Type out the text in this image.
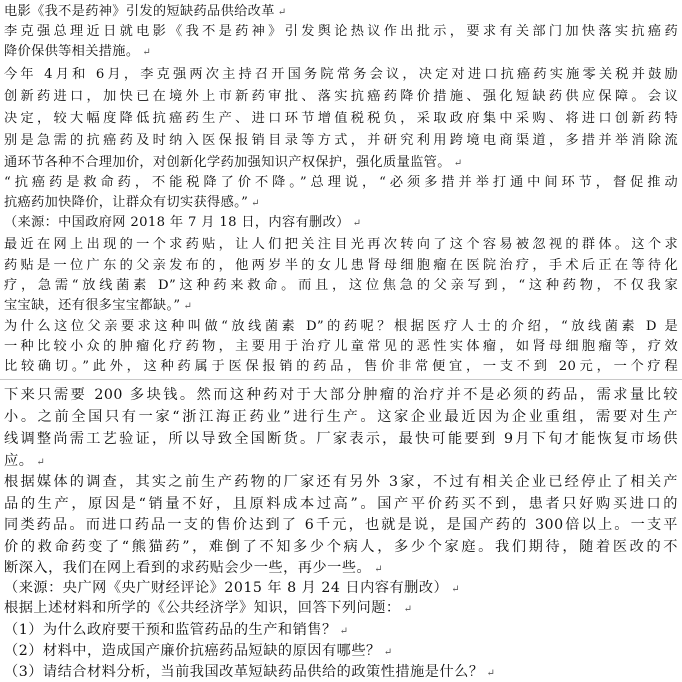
电影《我不是药神》引发的短缺药品供给改革 ↵
李克强总理近日就电影《我不是药神》引发舆论热议作出批示，要求有关部门加快落实抗癌药
降价保供等相关措施。 ↵
今年 4月和 6月，李克强两次主持召开国务院常务会议，决定对进口抗癌药实施零关税并鼓励
创新药进口，加快已在境外上市新药审批、落实抗癌药降价措施、强化短缺药供应保障。会议
决定，较大幅度降低抗癌药生产、进口环节增值税税负，采取政府集中采购、将进口创新药特
别是急需的抗癌药及时纳入医保报销目录等方式，并研究利用跨境电商渠道，多措并举消除流
通环节各种不合理加价，对创新化学药加强知识产权保护，强化质量监管。 ↵
“抗癌药是救命药，不能税降了价不降。”总理说，“必须多措并举打通中间环节，督促推动
抗癌药加快降价，让群众有切实获得感。” ↵
（来源：中国政府网 2018 年 7 月 18 日，内容有删改） ↵
最近在网上出现的一个求药贴，让人们把关注目光再次转向了这个容易被忽视的群体。这个求
药贴是一位广东的父亲发布的，他两岁半的女儿患肾母细胞瘤在医院治疗，手术后正在等待化
疗，急需“放线菌素 D”这种药来救命。而且，这位焦急的父亲写到，“这种药物，不仅我家
宝宝缺，还有很多宝宝都缺。” ↵
为什么这位父亲要求这种叫做“放线菌素 D”的药呢？根据医疗人士的介绍，“放线菌素 D 是
一种比较小众的肿瘤化疗药物，主要用于治疗儿童常见的恶性实体瘤，如肾母细胞瘤等，疗效
比较确切。”此外，这种药属于医保报销的药品，售价非常便宜，一支不到 20元，一个疗程
下来只需要 200 多块钱。然而这种药对于大部分肿瘤的治疗并不是必须的药品，需求量比较
小。之前全国只有一家“浙江海正药业”进行生产。这家企业最近因为企业重组，需要对生产
线调整尚需工艺验证，所以导致全国断货。厂家表示，最快可能要到 9月下旬才能恢复市场供
应。 ↵
根据媒体的调查，其实之前生产药物的厂家还有另外 3家，不过有相关企业已经停止了相关产
品的生产，原因是“销量不好，且原料成本过高”。国产平价药买不到，患者只好购买进口的
同类药品。而进口药品一支的售价达到了 6千元，也就是说，是国产药的 300倍以上。一支平
价的救命药变了“熊猫药”，难倒了不知多少个病人，多少个家庭。我们期待，随着医改的不
断深入，我们在网上看到的求药贴会少一些，再少一些。 ↵
（来源：央广网《央广财经评论》2015 年 8 月 24 日内容有删改） ↵
根据上述材料和所学的《公共经济学》知识，回答下列问题： ↵
（1）为什么政府要干预和监管药品的生产和销售？ ↵
（2）材料中，造成国产廉价抗癌药品短缺的原因有哪些？ ↵
（3）请结合材料分析，当前我国改革短缺药品供给的政策性措施是什么？ ↵
